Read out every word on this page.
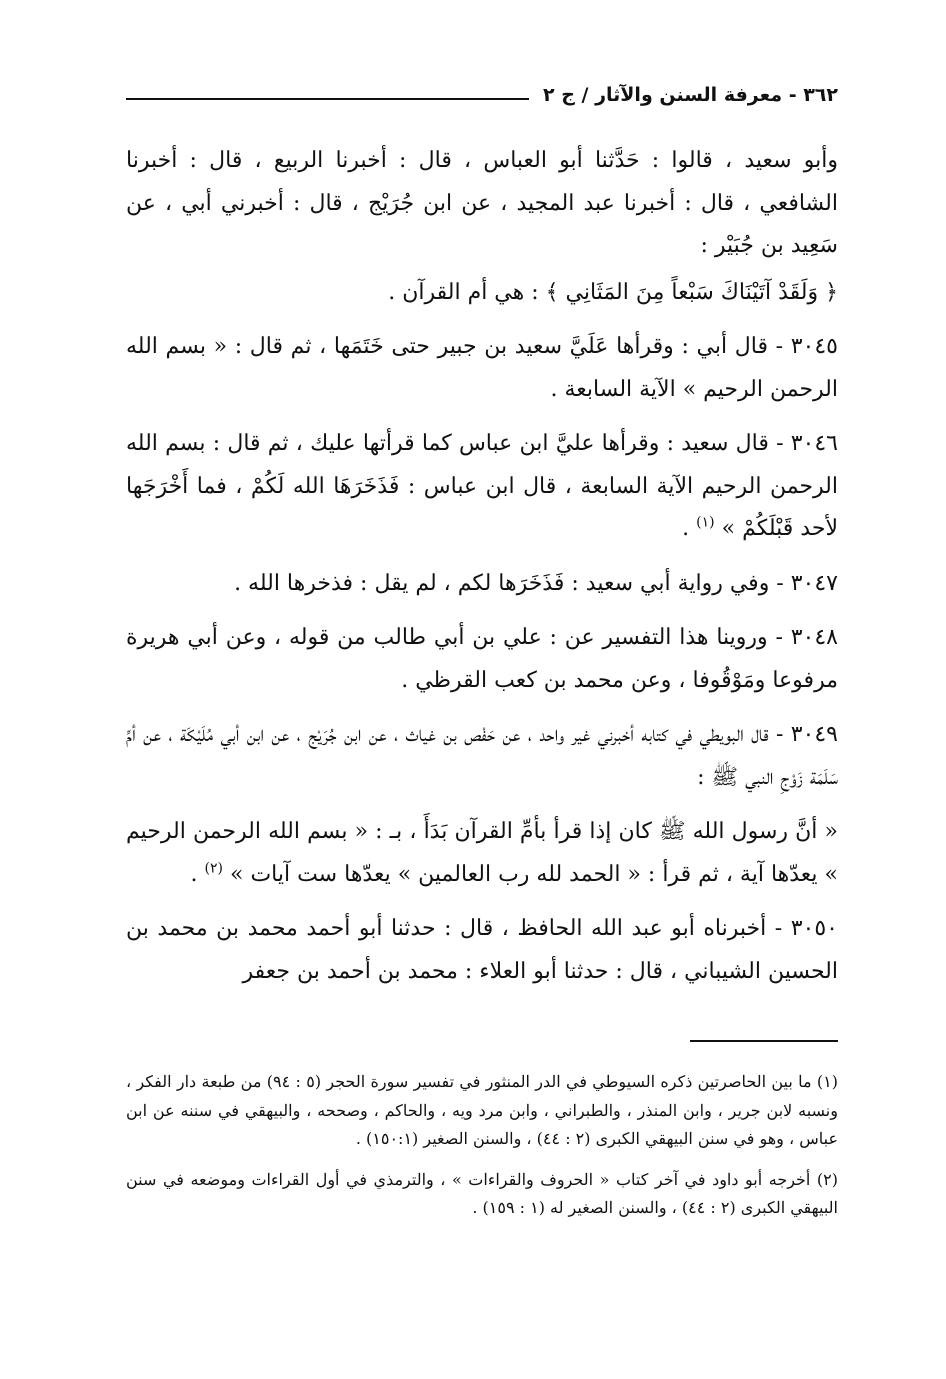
٣٦٢ - معرفة السنن والآثار / ج ٢

وأبو سعيد ، قالوا : حَدَّثنا أبو العباس ، قال : أخبرنا الربيع ، قال : أخبرنا الشافعي ، قال : أخبرنا عبد المجيد ، عن ابن جُرَيْج ، قال : أخبرني أبي ، عن سَعِيد بن جُبَيْر :

﴿ وَلَقَدْ آتَيْنَاكَ سَبْعاً مِنَ المَثَانِي ﴾ : هي أم القرآن .

٣٠٤٥ - قال أبي : وقرأها عَلَيَّ سعيد بن جبير حتى خَتَمَها ، ثم قال : « بسم الله الرحمن الرحيم » الآية السابعة .

٣٠٤٦ - قال سعيد : وقرأها عليَّ ابن عباس كما قرأتها عليك ، ثم قال : بسم الله الرحمن الرحيم الآية السابعة ، قال ابن عباس : فَذَخَرَهَا الله لَكُمْ ، فما أَخْرَجَها لأحد قَبْلَكُمْ » $^{(١)}$ .

٣٠٤٧ - وفي رواية أبي سعيد : فَذَخَرَها لكم ، لم يقل : فذخرها الله .

٣٠٤٨ - وروينا هذا التفسير عن : علي بن أبي طالب من قوله ، وعن أبي هريرة مرفوعا ومَوْقُوفا ، وعن محمد بن كعب القرظي .

٣٠٤٩ - قال البويطي في كتابه أخبرني غير واحد ، عن حَفْص بن غياث ، عن ابن جُرَيْج ، عن ابن أبي مُلَيْكَة ، عن أمِّ سَلَمَة زَوْجِ النبي ﷺ :

« أنَّ رسول الله ﷺ كان إذا قرأ بأمِّ القرآن بَدَأَ ، بـ : « بسم الله الرحمن الرحيم » يعدّها آية ، ثم قرأ : « الحمد لله رب العالمين » يعدّها ست آيات » $^{(٢)}$ .

٣٠٥٠ - أخبرناه أبو عبد الله الحافظ ، قال : حدثنا أبو أحمد محمد بن محمد بن الحسين الشيباني ، قال : حدثنا أبو العلاء : محمد بن أحمد بن جعفر

(١) ما بين الحاصرتين ذكره السيوطي في الدر المنثور في تفسير سورة الحجر (٥ : ٩٤) من طبعة دار الفكر ، ونسبه لابن جرير ، وابن المنذر ، والطبراني ، وابن مرد ويه ، والحاكم ، وصححه ، والبيهقي في سننه عن ابن عباس ، وهو في سنن البيهقي الكبرى (٢ : ٤٤) ، والسنن الصغير (١٥٠:١) .

(٢) أخرجه أبو داود في آخر كتاب « الحروف والقراءات » ، والترمذي في أول القراءات وموضعه في سنن البيهقي الكبرى (٢ : ٤٤) ، والسنن الصغير له (١ : ١٥٩) .
